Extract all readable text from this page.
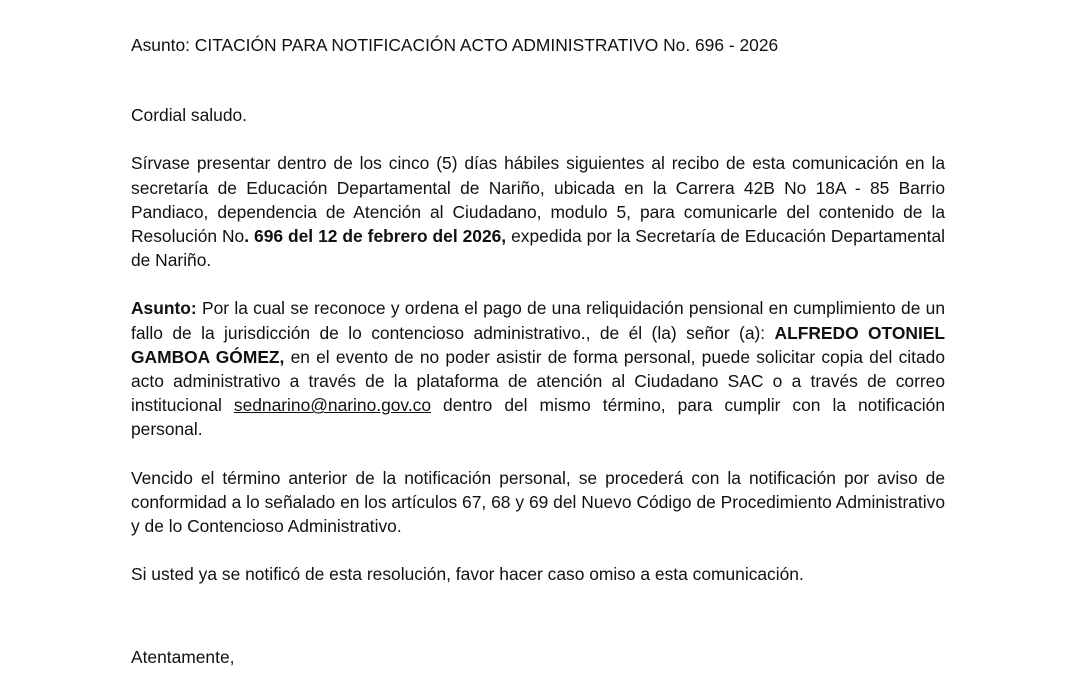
Asunto: CITACIÓN PARA NOTIFICACIÓN ACTO ADMINISTRATIVO No. 696 - 2026

Cordial saludo.

Sírvase presentar dentro de los cinco (5) días hábiles siguientes al recibo de esta comunicación en la secretaría de Educación Departamental de Nariño, ubicada en la Carrera 42B No 18A - 85 Barrio Pandiaco, dependencia de Atención al Ciudadano, modulo 5, para comunicarle del contenido de la Resolución No. 696 del 12 de febrero del 2026, expedida por la Secretaría de Educación Departamental de Nariño.

Asunto: Por la cual se reconoce y ordena el pago de una reliquidación pensional en cumplimiento de un fallo de la jurisdicción de lo contencioso administrativo., de él (la) señor (a): ALFREDO OTONIEL GAMBOA GÓMEZ, en el evento de no poder asistir de forma personal, puede solicitar copia del citado acto administrativo a través de la plataforma de atención al Ciudadano SAC o a través de correo institucional sednarino@narino.gov.co dentro del mismo término, para cumplir con la notificación personal.

Vencido el término anterior de la notificación personal, se procederá con la notificación por aviso de conformidad a lo señalado en los artículos 67, 68 y 69 del Nuevo Código de Procedimiento Administrativo y de lo Contencioso Administrativo.

Si usted ya se notificó de esta resolución, favor hacer caso omiso a esta comunicación.

Atentamente,
